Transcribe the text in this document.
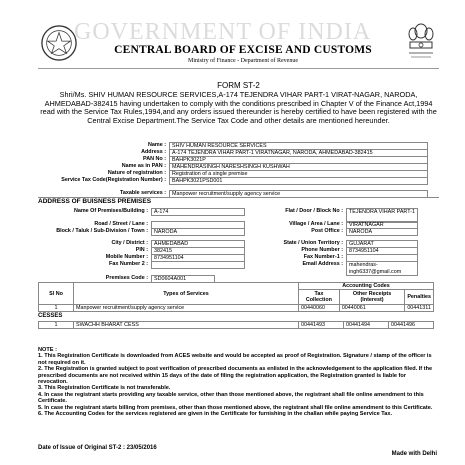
GOVERNMENT OF INDIA
CENTRAL BOARD OF EXCISE AND CUSTOMS
Ministry of Finance - Department of Revenue
FORM ST-2
Shri/Ms. SHIV HUMAN RESOURCE SERVICES,A-174 TEJENDRA VIHAR PART-1 VIRAT-NAGAR, NARODA, AHMEDABAD-382415 having undertaken to comply with the conditions prescribed in Chapter V of the Finance Act,1994 read with the Service Tax Rules,1994,and any orders issued thereunder is hereby certified to have been registered with the Central Excise Department.The Service Tax Code and other details are mentioned hereunder.
Name :	SHIV HUMAN RESOURCE SERVICES
Address :	A-174 TEJENDRA VIHAR PART-1 VIRATNAGAR, NARODA, AHMEDABAD-382415
PAN No :	BAHPK3021P
Name as in PAN :	MAHENDRASINGH NARESHSINGH KUSHWAH
Nature of registration :	Registration of a single premise
Service Tax Code(Registration Number) :	BAHPK3021PSD001
Taxable services :	Manpower recruitment/supply agency service
ADDRESS OF BUISNESS PREMISES
Name Of Premises/Building :	A-174	Flat / Door / Block No :	TEJENDRA VIHAR PART-1
Road / Street / Lane :	Village / Area / Lane :	VIRATNAGAR
Block / Taluk / Sub-Division / Town :	NARODA	Post Office :	NARODA
City / District :	AHMEDABAD	State / Union Territory :	GUJARAT
PIN :	382415	Phone Number :	8734951104
Mobile Number :	8734951104	Fax Number-1 :
Fax Number 2 :	Email Address :	mahendras-ingh6337@gmail.com
Premises Code :	SD0604A001
Sl No	Types of Services	Accounting Codes		
		Tax Collection	Other Receipts (Interest)	Penalties
1	Manpower recruitment/supply agency service	00440060	00440061	00441311
CESSES
1	SWACHH BHARAT CESS	00441493	00441494	00441496
NOTE :
1. This Registration Certificate is downloaded from ACES website and would be accepted as proof of Registration. Signature / stamp of the officer is not required on it.
2. The Registration is granted subject to post verification of prescribed documents as enlisted in the acknowledgement to the application filed. If the prescribed documents are not received within 15 days of the date of filing the registration application, the Registration granted is liable for revocation.
3. This Registration Certificate is not transferable.
4. In case the registrant starts providing any taxable service, other than those mentioned above, the registrant shall file online amendment to this Certificate.
5. In case the registrant starts billing from premises, other than those mentioned above, the registrant shall file online amendment to this Certificate.
6. The Accounting Codes for the services registered are given in the Certificate for furnishing in the challan while paying Service Tax.
Date of Issue of Original ST-2 : 23/05/2016
Made with Delhi
